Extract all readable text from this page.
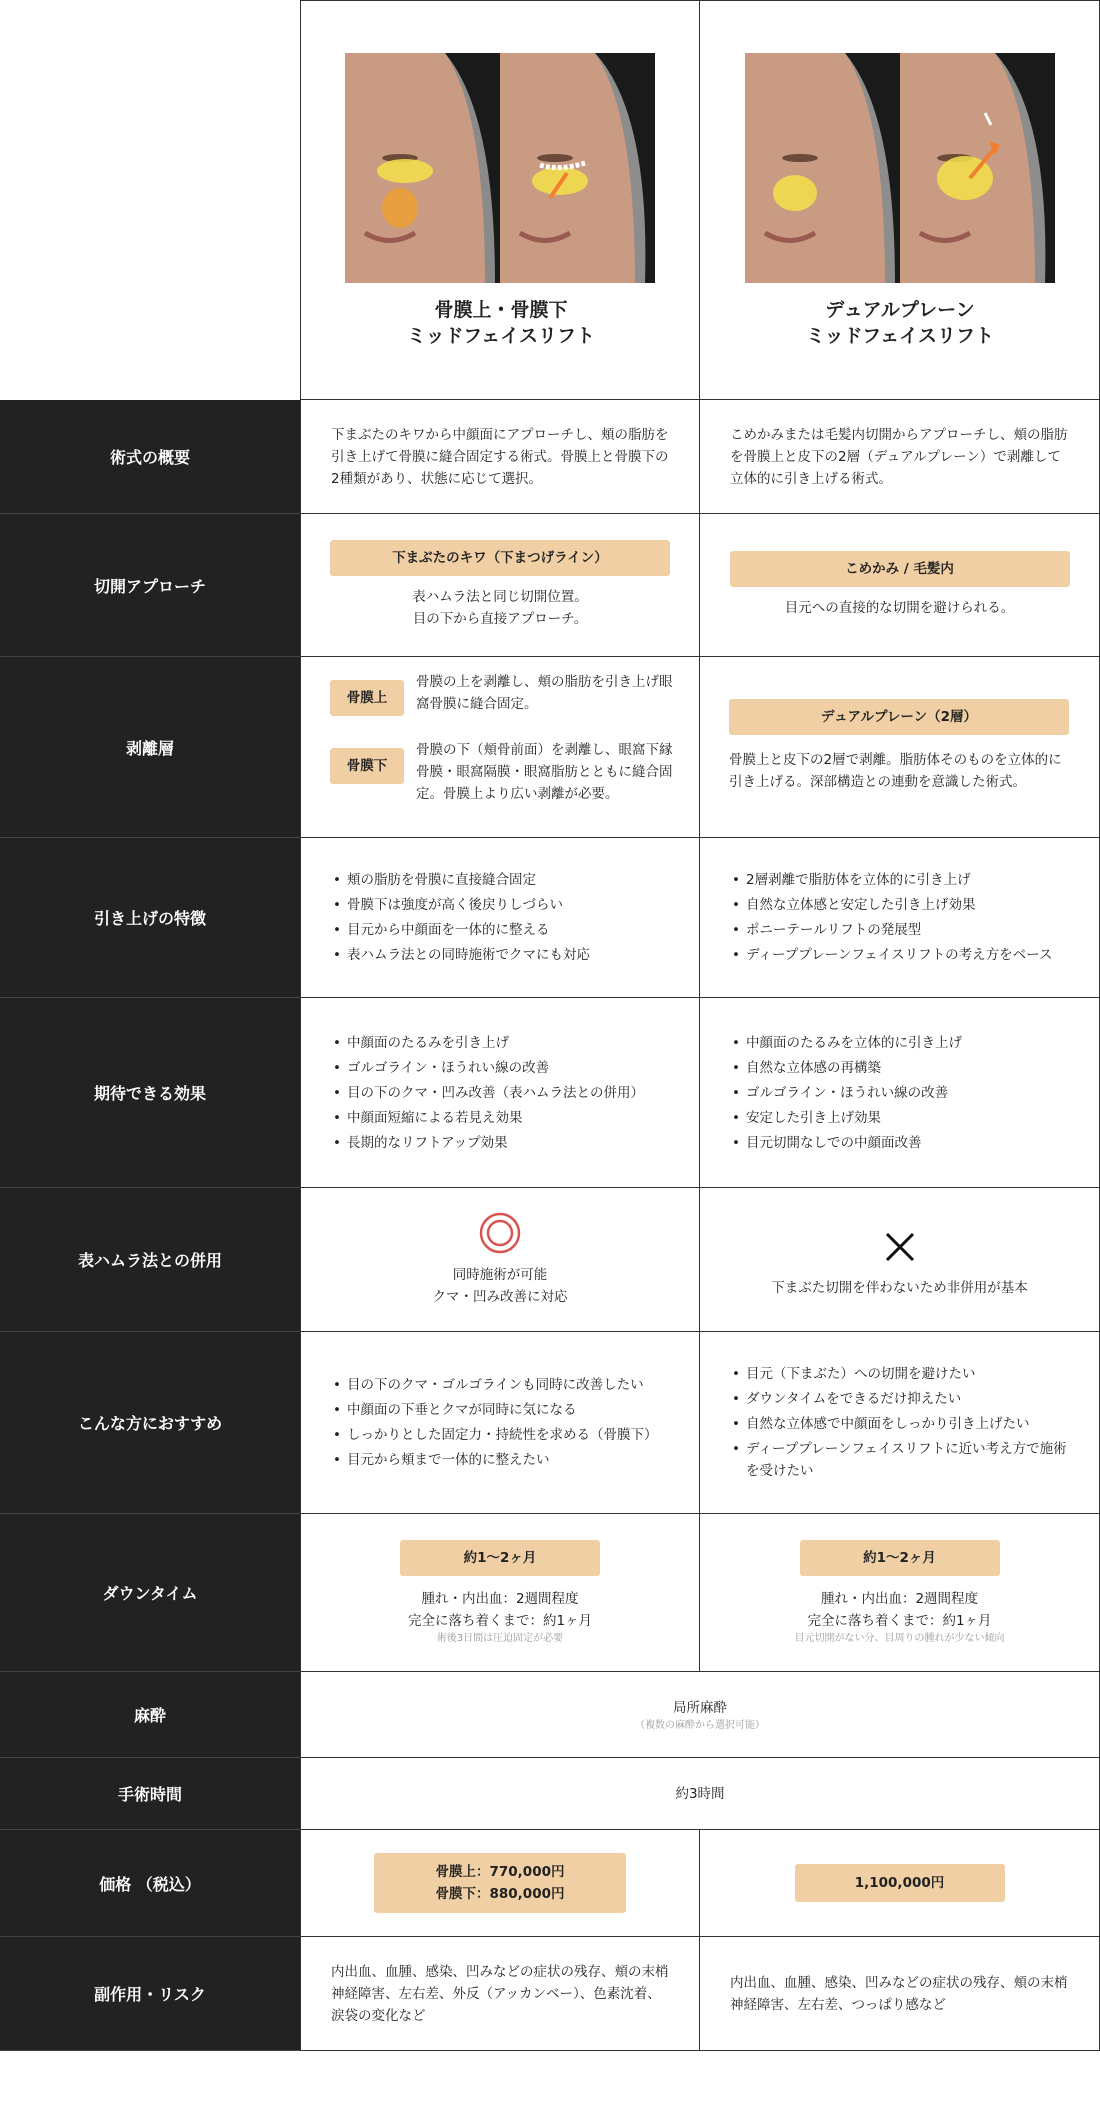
骨膜上・骨膜下
ミッドフェイスリフト
デュアルプレーン
ミッドフェイスリフト
術式の概要
下まぶたのキワから中顔面にアプローチし、頬の脂肪を引き上げて骨膜に縫合固定する術式。骨膜上と骨膜下の2種類があり、状態に応じて選択。
こめかみまたは毛髪内切開からアプローチし、頬の脂肪を骨膜上と皮下の2層（デュアルプレーン）で剥離して立体的に引き上げる術式。
切開アプローチ
下まぶたのキワ（下まつげライン）
表ハムラ法と同じ切開位置。
目の下から直接アプローチ。
こめかみ / 毛髪内
目元への直接的な切開を避けられる。
剥離層
骨膜上
骨膜の上を剥離し、頬の脂肪を引き上げ眼窩骨膜に縫合固定。
骨膜下
骨膜の下（頬骨前面）を剥離し、眼窩下縁骨膜・眼窩隔膜・眼窩脂肪とともに縫合固定。骨膜上より広い剥離が必要。
デュアルプレーン（2層）
骨膜上と皮下の2層で剥離。脂肪体そのものを立体的に引き上げる。深部構造との連動を意識した術式。
引き上げの特徴
• 頬の脂肪を骨膜に直接縫合固定
• 骨膜下は強度が高く後戻りしづらい
• 目元から中顔面を一体的に整える
• 表ハムラ法との同時施術でクマにも対応
• 2層剥離で脂肪体を立体的に引き上げ
• 自然な立体感と安定した引き上げ効果
• ポニーテールリフトの発展型
• ディーププレーンフェイスリフトの考え方をベース
期待できる効果
• 中顔面のたるみを引き上げ
• ゴルゴライン・ほうれい線の改善
• 目の下のクマ・凹み改善（表ハムラ法との併用）
• 中顔面短縮による若見え効果
• 長期的なリフトアップ効果
• 中顔面のたるみを立体的に引き上げ
• 自然な立体感の再構築
• ゴルゴライン・ほうれい線の改善
• 安定した引き上げ効果
• 目元切開なしでの中顔面改善
表ハムラ法との併用
同時施術が可能
クマ・凹み改善に対応
下まぶた切開を伴わないため非併用が基本
こんな方におすすめ
• 目の下のクマ・ゴルゴラインも同時に改善したい
• 中顔面の下垂とクマが同時に気になる
• しっかりとした固定力・持続性を求める（骨膜下）
• 目元から頬まで一体的に整えたい
• 目元（下まぶた）への切開を避けたい
• ダウンタイムをできるだけ抑えたい
• 自然な立体感で中顔面をしっかり引き上げたい
• ディーププレーンフェイスリフトに近い考え方で施術を受けたい
ダウンタイム
約1〜2ヶ月
腫れ・内出血：2週間程度
完全に落ち着くまで：約1ヶ月
術後3日間は圧迫固定が必要
約1〜2ヶ月
腫れ・内出血：2週間程度
完全に落ち着くまで：約1ヶ月
目元切開がない分、目周りの腫れが少ない傾向
麻酔	局所麻酔
（複数の麻酔から選択可能）
手術時間	約3時間
価格 （税込）
骨膜上：770,000円
骨膜下：880,000円
1,100,000円
副作用・リスク
内出血、血腫、感染、凹みなどの症状の残存、頬の末梢神経障害、左右差、外反（アッカンベー）、色素沈着、涙袋の変化など
内出血、血腫、感染、凹みなどの症状の残存、頬の末梢神経障害、左右差、つっぱり感など
